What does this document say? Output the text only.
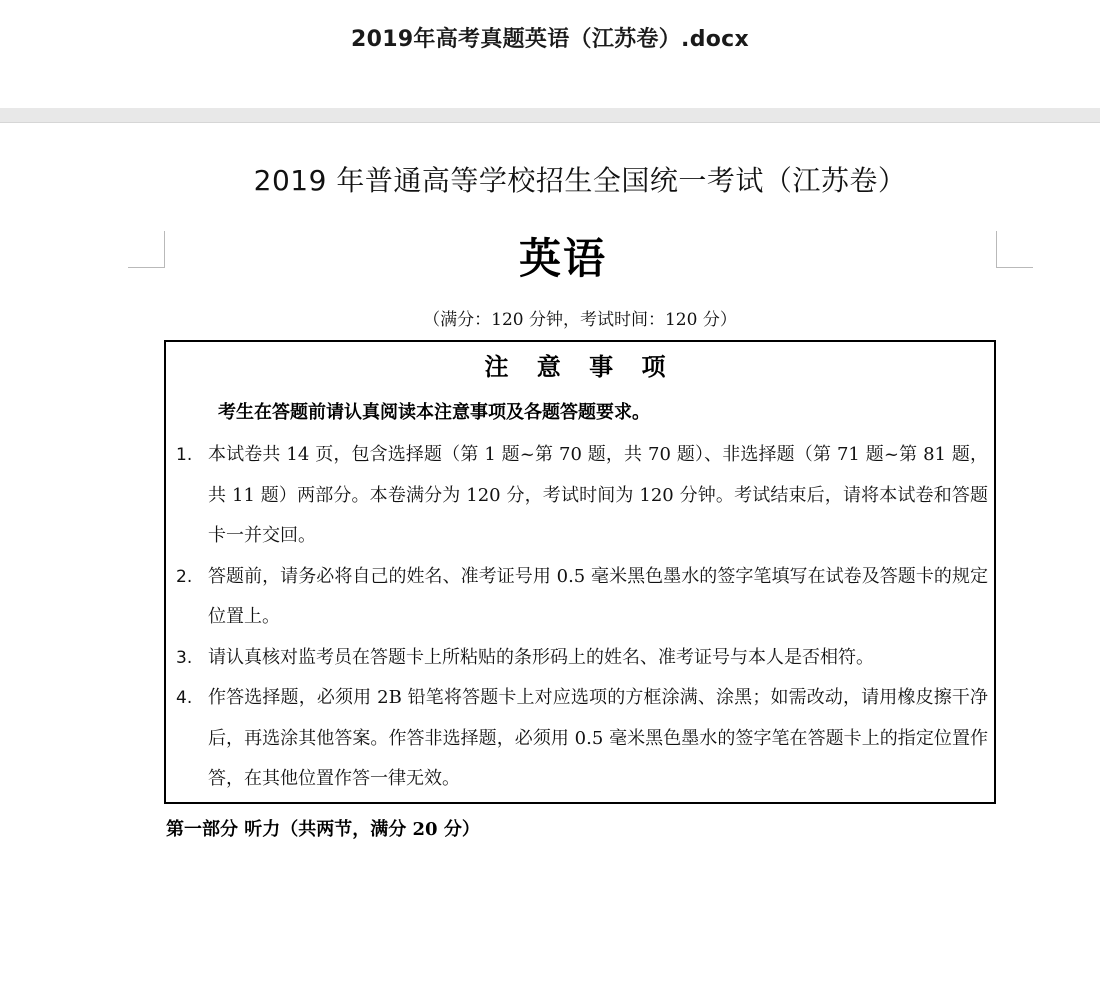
2019年高考真题英语（江苏卷）.docx
2019 年普通高等学校招生全国统一考试（江苏卷）
英语
（满分：120 分钟，考试时间：120 分）
注 意 事 项
考生在答题前请认真阅读本注意事项及各题答题要求。
1. 本试卷共 14 页，包含选择题（第 1 题~第 70 题，共 70 题）、非选择题（第 71 题~第 81 题，共 11 题）两部分。本卷满分为 120 分，考试时间为 120 分钟。考试结束后，请将本试卷和答题卡一并交回。
2. 答题前，请务必将自己的姓名、准考证号用 0.5 毫米黑色墨水的签字笔填写在试卷及答题卡的规定位置上。
3. 请认真核对监考员在答题卡上所粘贴的条形码上的姓名、准考证号与本人是否相符。
4. 作答选择题，必须用 2B 铅笔将答题卡上对应选项的方框涂满、涂黑；如需改动，请用橡皮擦干净后，再选涂其他答案。作答非选择题，必须用 0.5 毫米黑色墨水的签字笔在答题卡上的指定位置作答，在其他位置作答一律无效。
第一部分 听力（共两节，满分 20 分）
